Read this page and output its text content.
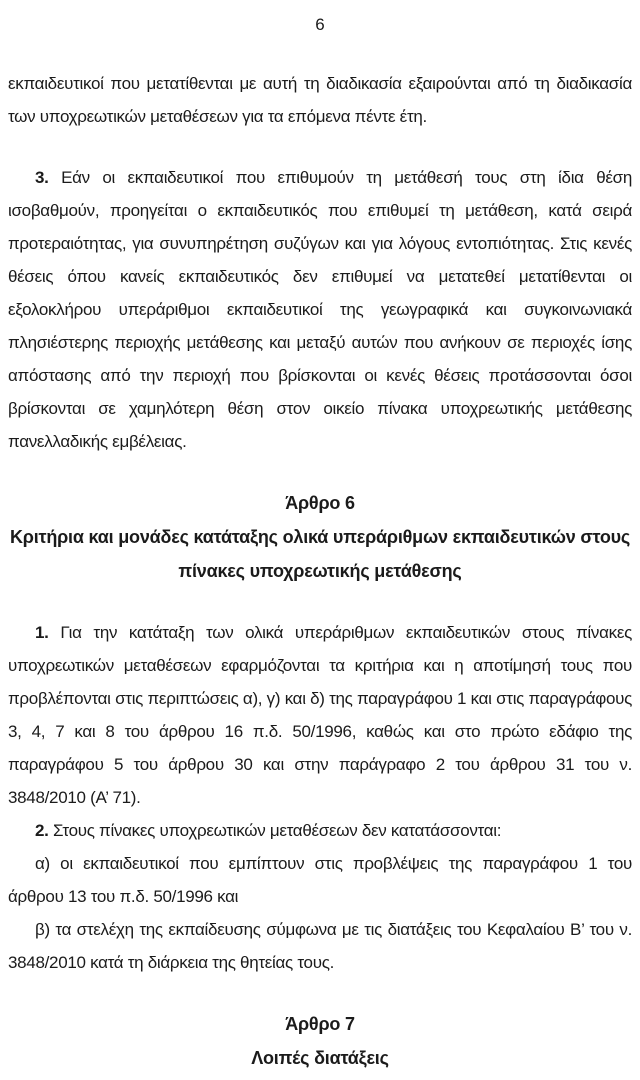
6

εκπαιδευτικοί που μετατίθενται με αυτή τη διαδικασία εξαιρούνται από τη διαδικασία των υποχρεωτικών μεταθέσεων για τα επόμενα πέντε έτη.

3. Εάν οι εκπαιδευτικοί που επιθυμούν τη μετάθεσή τους στη ίδια θέση ισοβαθμούν, προηγείται ο εκπαιδευτικός που επιθυμεί τη μετάθεση, κατά σειρά προτεραιότητας, για συνυπηρέτηση συζύγων και για λόγους εντοπιότητας. Στις κενές θέσεις όπου κανείς εκπαιδευτικός δεν επιθυμεί να μετατεθεί μετατίθενται οι εξολοκλήρου υπεράριθμοι εκπαιδευτικοί της γεωγραφικά και συγκοινωνιακά πλησιέστερης περιοχής μετάθεσης και μεταξύ αυτών που ανήκουν σε περιοχές ίσης απόστασης από την περιοχή που βρίσκονται οι κενές θέσεις προτάσσονται όσοι βρίσκονται σε χαμηλότερη θέση στον οικείο πίνακα υποχρεωτικής μετάθεσης πανελλαδικής εμβέλειας.

Άρθρο 6
Κριτήρια και μονάδες κατάταξης ολικά υπεράριθμων εκπαιδευτικών στους
πίνακες υποχρεωτικής μετάθεσης

1. Για την κατάταξη των ολικά υπεράριθμων εκπαιδευτικών στους πίνακες υποχρεωτικών μεταθέσεων εφαρμόζονται τα κριτήρια και η αποτίμησή τους που προβλέπονται στις περιπτώσεις α), γ) και δ) της παραγράφου 1 και στις παραγράφους 3, 4, 7 και 8 του άρθρου 16 π.δ. 50/1996, καθώς και στο πρώτο εδάφιο της παραγράφου 5 του άρθρου 30 και στην παράγραφο 2 του άρθρου 31 του ν. 3848/2010 (Α’ 71).

2. Στους πίνακες υποχρεωτικών μεταθέσεων δεν κατατάσσονται:

α) οι εκπαιδευτικοί που εμπίπτουν στις προβλέψεις της παραγράφου 1 του άρθρου 13 του π.δ. 50/1996 και

β) τα στελέχη της εκπαίδευσης σύμφωνα με τις διατάξεις του Κεφαλαίου Β’ του ν. 3848/2010 κατά τη διάρκεια της θητείας τους.

Άρθρο 7
Λοιπές διατάξεις
